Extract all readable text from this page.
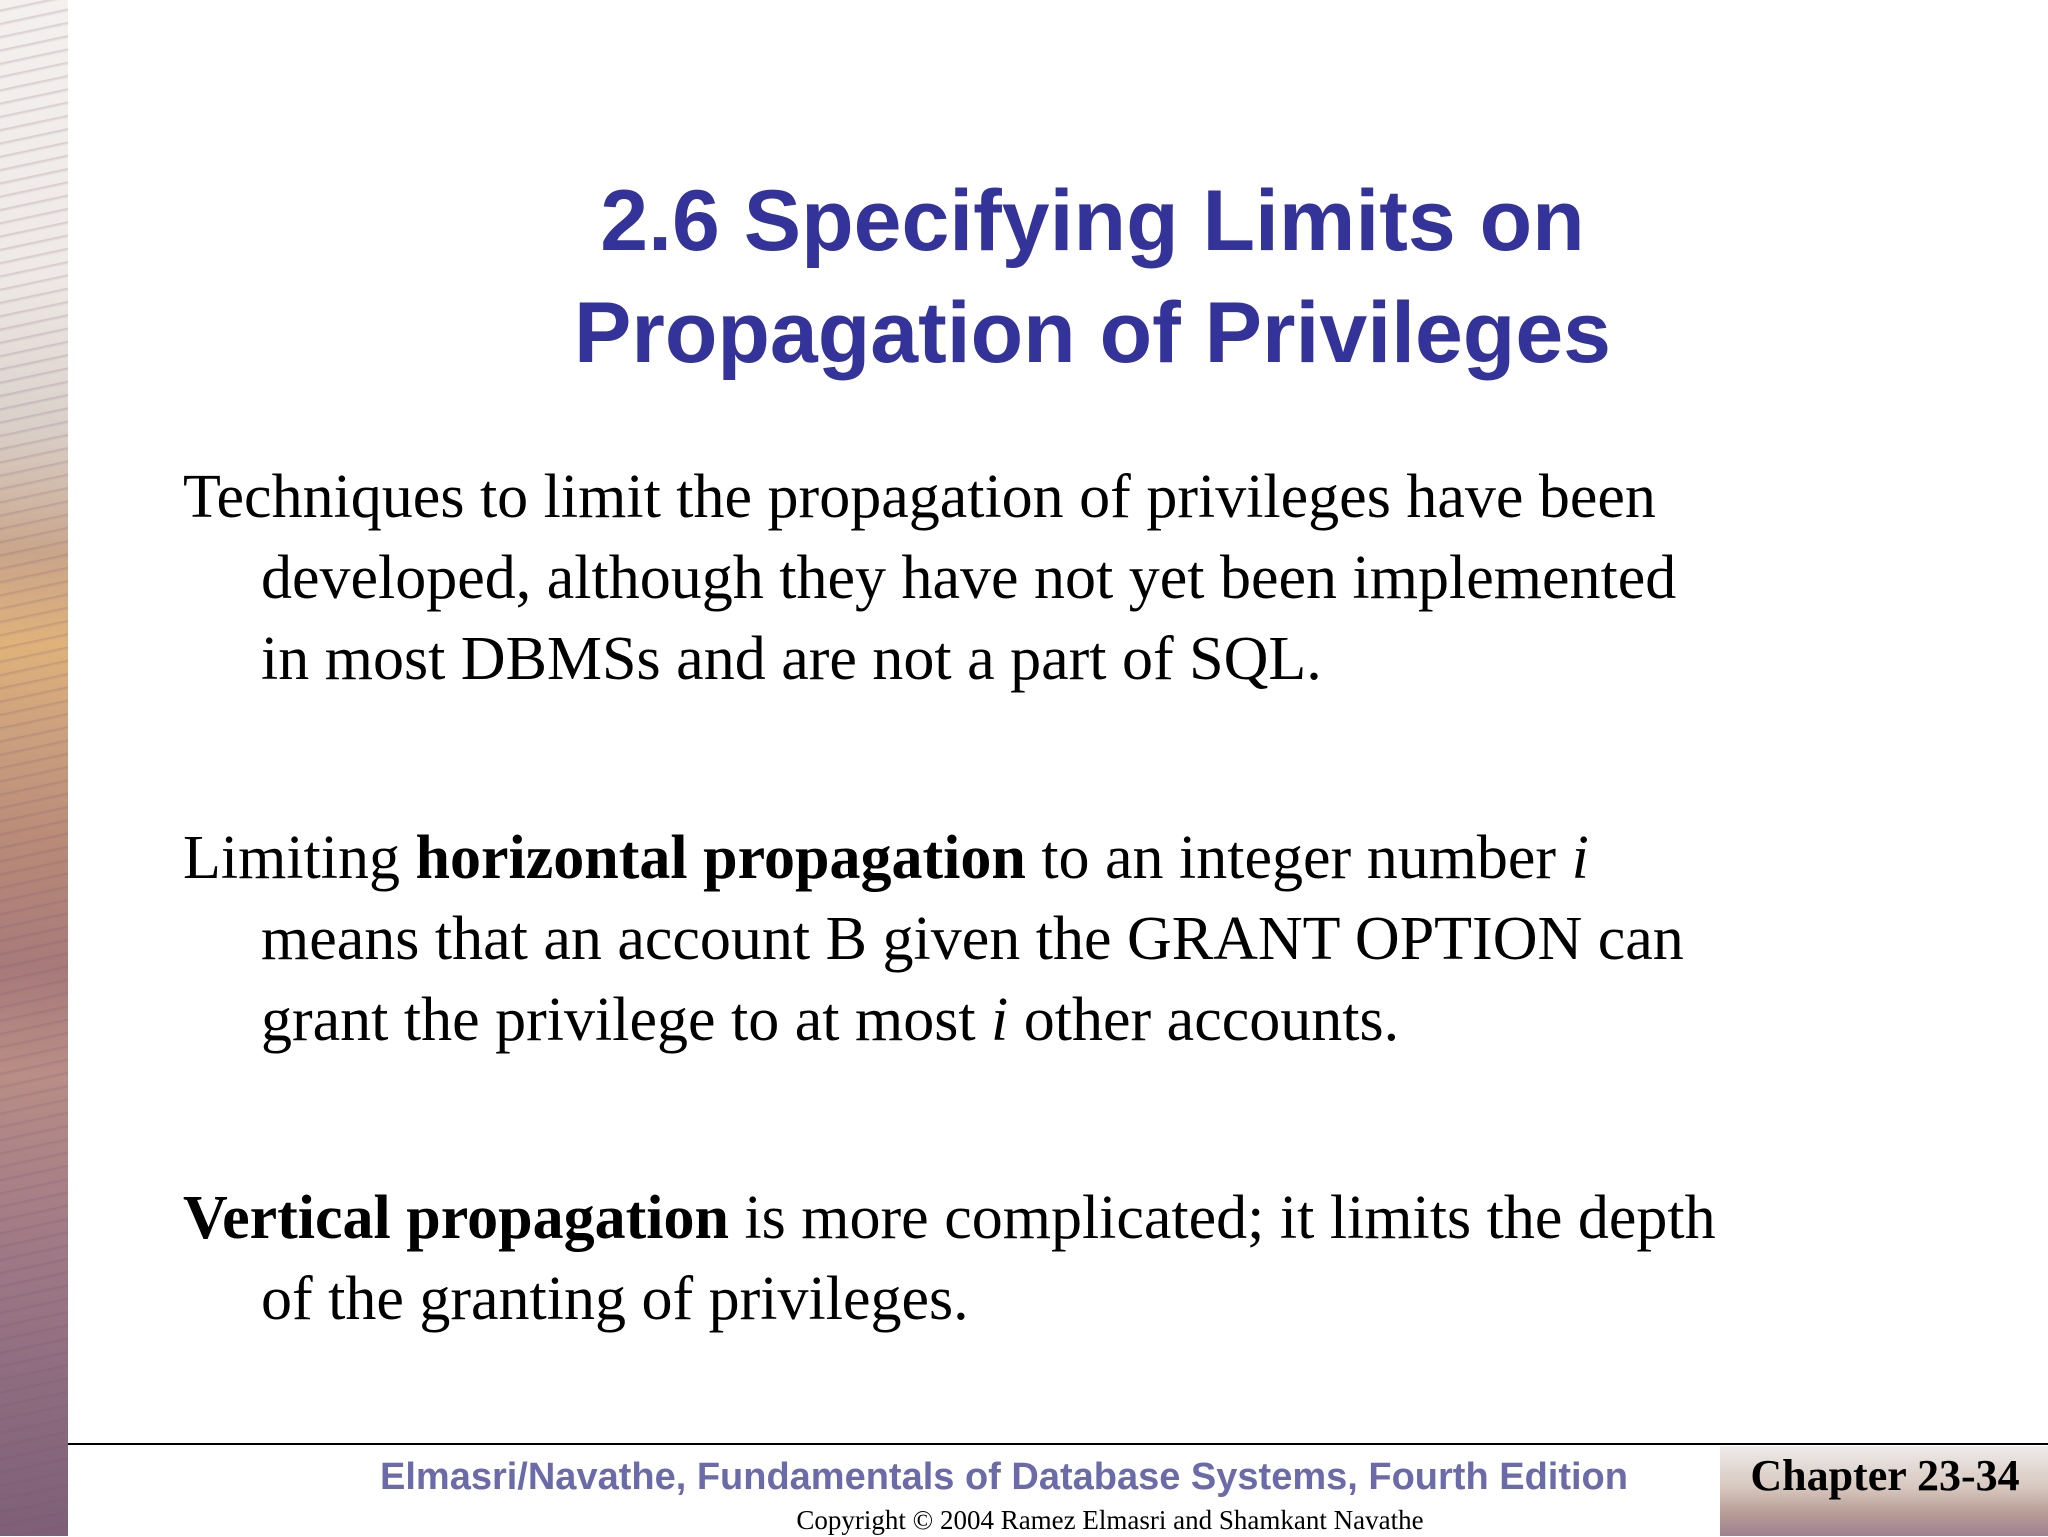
2.6 Specifying Limits on
Propagation of Privileges

Techniques to limit the propagation of privileges have been
developed, although they have not yet been implemented
in most DBMSs and are not a part of SQL.

Limiting horizontal propagation to an integer number i
means that an account B given the GRANT OPTION can
grant the privilege to at most i other accounts.

Vertical propagation is more complicated; it limits the depth
of the granting of privileges.

Elmasri/Navathe, Fundamentals of Database Systems, Fourth Edition	Chapter 23-34
Copyright © 2004 Ramez Elmasri and Shamkant Navathe
